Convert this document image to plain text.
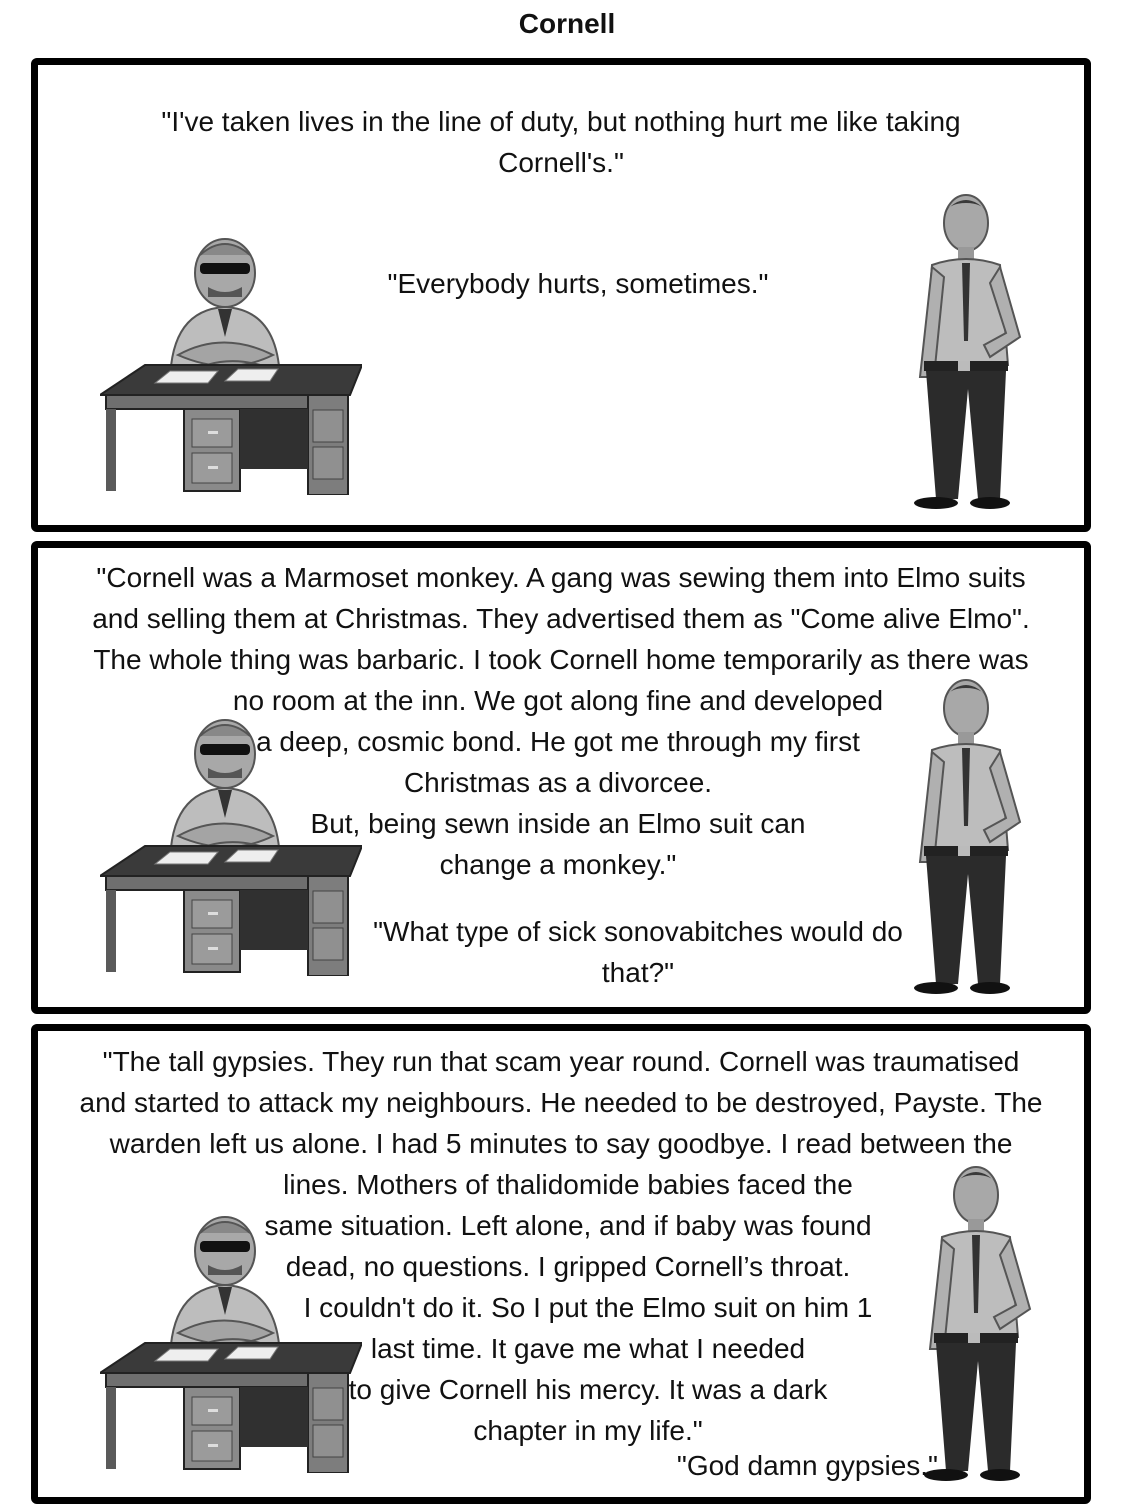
Cornell

"I've taken lives in the line of duty, but nothing hurt me like taking

Cornell's."

"Everybody hurts, sometimes."

"Cornell was a Marmoset monkey. A gang was sewing them into Elmo suits

and selling them at Christmas. They advertised them as "Come alive Elmo".

The whole thing was barbaric. I took Cornell home temporarily as there was

no room at the inn. We got along fine and developed

a deep, cosmic bond. He got me through my first

Christmas as a divorcee.

But, being sewn inside an Elmo suit can

change a monkey."

"What type of sick sonovabitches would do

that?"

"The tall gypsies. They run that scam year round. Cornell was traumatised

and started to attack my neighbours. He needed to be destroyed, Payste. The

warden left us alone. I had 5 minutes to say goodbye. I read between the

lines. Mothers of thalidomide babies faced the

same situation. Left alone, and if baby was found

dead, no questions. I gripped Cornell’s throat.

I couldn't do it. So I put the Elmo suit on him 1

last time. It gave me what I needed

to give Cornell his mercy. It was a dark

chapter in my life."

"God damn gypsies."
